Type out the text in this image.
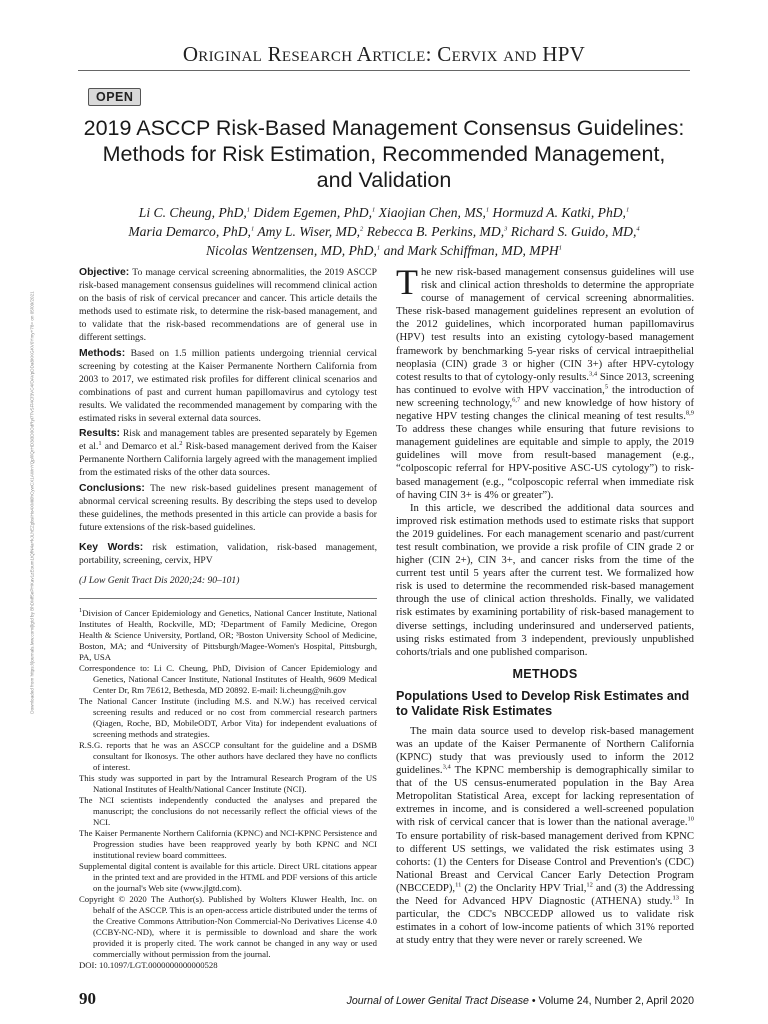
Original Research Article: Cervix and HPV
OPEN
2019 ASCCP Risk-Based Management Consensus Guidelines:
Methods for Risk Estimation, Recommended Management,
and Validation
Li C. Cheung, PhD,$^1$ Didem Egemen, PhD,$^1$ Xiaojian Chen, MS,$^1$ Hormuzd A. Katki, PhD,$^1$
Maria Demarco, PhD,$^1$ Amy L. Wiser, MD,$^2$ Rebecca B. Perkins, MD,$^3$ Richard S. Guido, MD,$^4$
Nicolas Wentzensen, MD, PhD,$^1$ and Mark Schiffman, MD, MPH$^1$
Downloaded from https://journals.lww.com/jlgtd by BhDMf5ePHKav1zEoum1tQfN4a+kJLhEZgbsIHo4XMi0hCywCX1AWnYQp/IlQrHD3i3D0OdRyi7TvSFl4Cf3VC4/OAVpDDa8KKGKV0Ymy+78= on 05/09/2021

Objective: To manage cervical screening abnormalities, the 2019 ASCCP risk-based management consensus guidelines will recommend clinical action on the basis of risk of cervical precancer and cancer. This article details the methods used to estimate risk, to determine the risk-based management, and to validate that the risk-based recommendations are of general use in different settings.

Methods: Based on 1.5 million patients undergoing triennial cervical screening by cotesting at the Kaiser Permanente Northern California from 2003 to 2017, we estimated risk profiles for different clinical scenarios and combinations of past and current human papillomavirus and cytology test results. We validated the recommended management by comparing with the estimated risks in several external data sources.

Results: Risk and management tables are presented separately by Egemen et al.$^1$ and Demarco et al.$^2$ Risk-based management derived from the Kaiser Permanente Northern California largely agreed with the management implied from the estimated risks of the other data sources.

Conclusions: The new risk-based guidelines present management of abnormal cervical screening results. By describing the steps used to develop these guidelines, the methods presented in this article can provide a basis for future extensions of the risk-based guidelines.

Key Words: risk estimation, validation, risk-based management, portability, screening, cervix, HPV

(J Low Genit Tract Dis 2020;24: 90–101)

$^1$Division of Cancer Epidemiology and Genetics, National Cancer Institute, National Institutes of Health, Rockville, MD; ²Department of Family Medicine, Oregon Health & Science University, Portland, OR; ³Boston University School of Medicine, Boston, MA; and ⁴University of Pittsburgh/Magee-Women's Hospital, Pittsburgh, PA, USA

Correspondence to: Li C. Cheung, PhD, Division of Cancer Epidemiology and Genetics, National Cancer Institute, National Institutes of Health, 9609 Medical Center Dr, Rm 7E612, Bethesda, MD 20892. E-mail: li.cheung@nih.gov

The National Cancer Institute (including M.S. and N.W.) has received cervical screening results and reduced or no cost from commercial research partners (Qiagen, Roche, BD, MobileODT, Arbor Vita) for independent evaluations of screening methods and strategies.

R.S.G. reports that he was an ASCCP consultant for the guideline and a DSMB consultant for Ikonosys. The other authors have declared they have no conflicts of interest.

This study was supported in part by the Intramural Research Program of the US National Institutes of Health/National Cancer Institute (NCI).

The NCI scientists independently conducted the analyses and prepared the manuscript; the conclusions do not necessarily reflect the official views of the NCI.

The Kaiser Permanente Northern California (KPNC) and NCI-KPNC Persistence and Progression studies have been reapproved yearly by both KPNC and NCI institutional review board committees.

Supplemental digital content is available for this article. Direct URL citations appear in the printed text and are provided in the HTML and PDF versions of this article on the journal's Web site (www.jlgtd.com).

Copyright © 2020 The Author(s). Published by Wolters Kluwer Health, Inc. on behalf of the ASCCP. This is an open-access article distributed under the terms of the Creative Commons Attribution-Non Commercial-No Derivatives License 4.0 (CCBY-NC-ND), where it is permissible to download and share the work provided it is properly cited. The work cannot be changed in any way or used commercially without permission from the journal.

DOI: 10.1097/LGT.0000000000000528

The new risk-based management consensus guidelines will use risk and clinical action thresholds to determine the appropriate course of management of cervical screening abnormalities. These risk-based management guidelines represent an evolution of the 2012 guidelines, which incorporated human papillomavirus (HPV) test results into an existing cytology-based management framework by benchmarking 5-year risks of cervical intraepithelial neoplasia (CIN) grade 3 or higher (CIN 3+) after HPV-cytology cotest results to that of cytology-only results.$^{3,4}$ Since 2013, screening has continued to evolve with HPV vaccination,$^5$ the introduction of new screening technology,$^{6,7}$ and new knowledge of how history of negative HPV testing changes the clinical meaning of test results.$^{8,9}$ To address these changes while ensuring that future revisions to management guidelines are equitable and simple to apply, the 2019 guidelines will move from result-based management (e.g., “colposcopic referral for HPV-positive ASC-US cytology”) to risk-based management (e.g., “colposcopic referral when immediate risk of having CIN 3+ is 4% or greater”).

In this article, we described the additional data sources and improved risk estimation methods used to estimate risks that support the 2019 guidelines. For each management scenario and past/current test result combination, we provide a risk profile of CIN grade 2 or higher (CIN 2+), CIN 3+, and cancer risks from the time of the current test until 5 years after the current test. We formalized how risk is used to determine the recommended risk-based management through the use of clinical action thresholds. Finally, we validated risk estimates by examining portability of risk-based management to diverse settings, including underinsured and underserved patients, using risks estimated from 3 independent, previously unpublished cohorts/trials and one published comparison.

METHODS
Populations Used to Develop Risk Estimates and to Validate Risk Estimates

The main data source used to develop risk-based management was an update of the Kaiser Permanente of Northern California (KPNC) study that was previously used to inform the 2012 guidelines.$^{3,4}$ The KPNC membership is demographically similar to that of the US census-enumerated population in the Bay Area Metropolitan Statistical Area, except for lacking representation of extremes in income, and is considered a well-screened population with risk of cervical cancer that is lower than the national average.$^{10}$ To ensure portability of risk-based management derived from KPNC to different US settings, we validated the risk estimates using 3 cohorts: (1) the Centers for Disease Control and Prevention's (CDC) National Breast and Cervical Cancer Early Detection Program (NBCCEDP),$^{11}$ (2) the Onclarity HPV Trial,$^{12}$ and (3) the Addressing the Need for Advanced HPV Diagnostic (ATHENA) study.$^{13}$ In particular, the CDC's NBCCEDP allowed us to validate risk estimates in a cohort of low-income patients of which 31% reported at study entry that they were never or rarely screened. We

90	Journal of Lower Genital Tract Disease • Volume 24, Number 2, April 2020
